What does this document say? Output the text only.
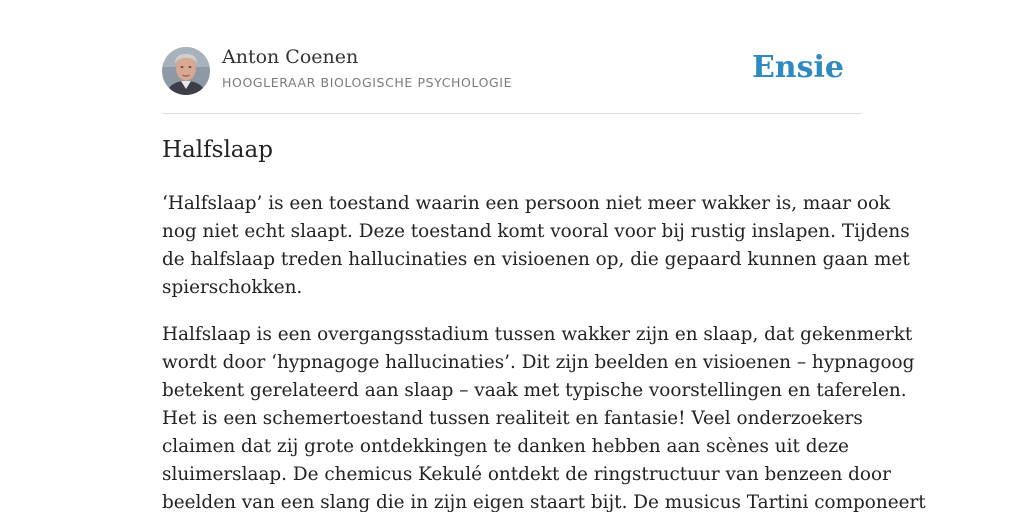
Anton Coenen
HOOGLERAAR BIOLOGISCHE PSYCHOLOGIE	Ensie
Halfslaap

‘Halfslaap’ is een toestand waarin een persoon niet meer wakker is, maar ook
nog niet echt slaapt. Deze toestand komt vooral voor bij rustig inslapen. Tijdens
de halfslaap treden hallucinaties en visioenen op, die gepaard kunnen gaan met
spierschokken.

Halfslaap is een overgangsstadium tussen wakker zijn en slaap, dat gekenmerkt
wordt door ‘hypnagoge hallucinaties’. Dit zijn beelden en visioenen – hypnagoog
betekent gerelateerd aan slaap – vaak met typische voorstellingen en taferelen.
Het is een schemertoestand tussen realiteit en fantasie! Veel onderzoekers
claimen dat zij grote ontdekkingen te danken hebben aan scènes uit deze
sluimerslaap. De chemicus Kekulé ontdekt de ringstructuur van benzeen door
beelden van een slang die in zijn eigen staart bijt. De musicus Tartini componeert
